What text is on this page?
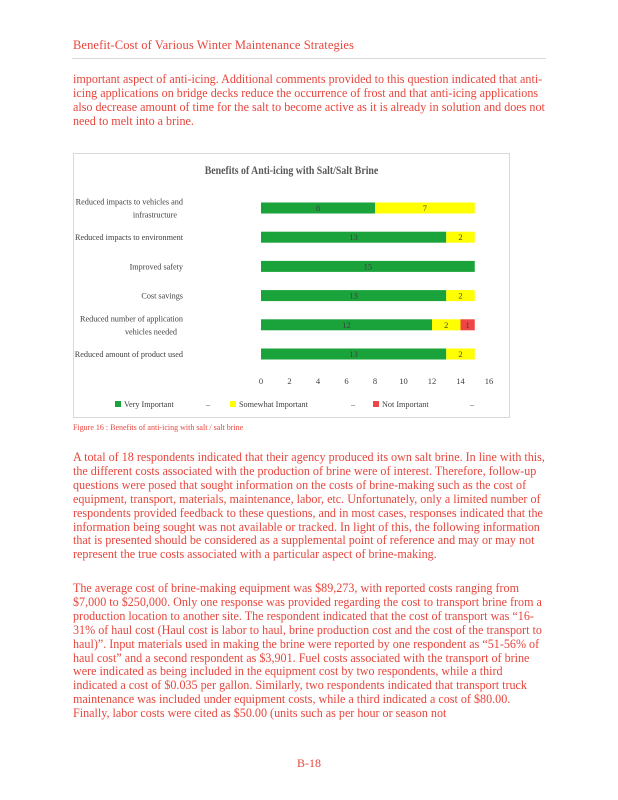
Benefit-Cost of Various Winter Maintenance Strategies

important aspect of anti-icing. Additional comments provided to this question indicated that anti-icing applications on bridge decks reduce the occurrence of frost and that anti-icing applications also decrease amount of time for the salt to become active as it is already in solution and does not need to melt into a brine.

Benefits of Anti-icing with Salt/Salt Brine
Reduced impacts to vehicles and infrastructure
8	7
Reduced impacts to environment	13	2
Improved safety	15
Cost savings	13	2
Reduced number of application vehicles needed
12	2 1
Reduced amount of product used	13	2
0	2	4	6	8	10 12 14 16
Very Important	–	Somewhat Important	–	Not Important	–
Figure 16 : Benefits of anti-icing with salt / salt brine

A total of 18 respondents indicated that their agency produced its own salt brine. In line with this, the different costs associated with the production of brine were of interest. Therefore, follow-up questions were posed that sought information on the costs of brine-making such as the cost of equipment, transport, materials, maintenance, labor, etc. Unfortunately, only a limited number of respondents provided feedback to these questions, and in most cases, responses indicated that the information being sought was not available or tracked. In light of this, the following information that is presented should be considered as a supplemental point of reference and may or may not represent the true costs associated with a particular aspect of brine-making.

The average cost of brine-making equipment was $89,273, with reported costs ranging from $7,000 to $250,000. Only one response was provided regarding the cost to transport brine from a production location to another site. The respondent indicated that the cost of transport was “16-31% of haul cost (Haul cost is labor to haul, brine production cost and the cost of the transport to haul)”. Input materials used in making the brine were reported by one respondent as “51-56% of haul cost” and a second respondent as $3,901. Fuel costs associated with the transport of brine were indicated as being included in the equipment cost by two respondents, while a third indicated a cost of $0.035 per gallon. Similarly, two respondents indicated that transport truck maintenance was included under equipment costs, while a third indicated a cost of $80.00. Finally, labor costs were cited as $50.00 (units such as per hour or season not

B-18
